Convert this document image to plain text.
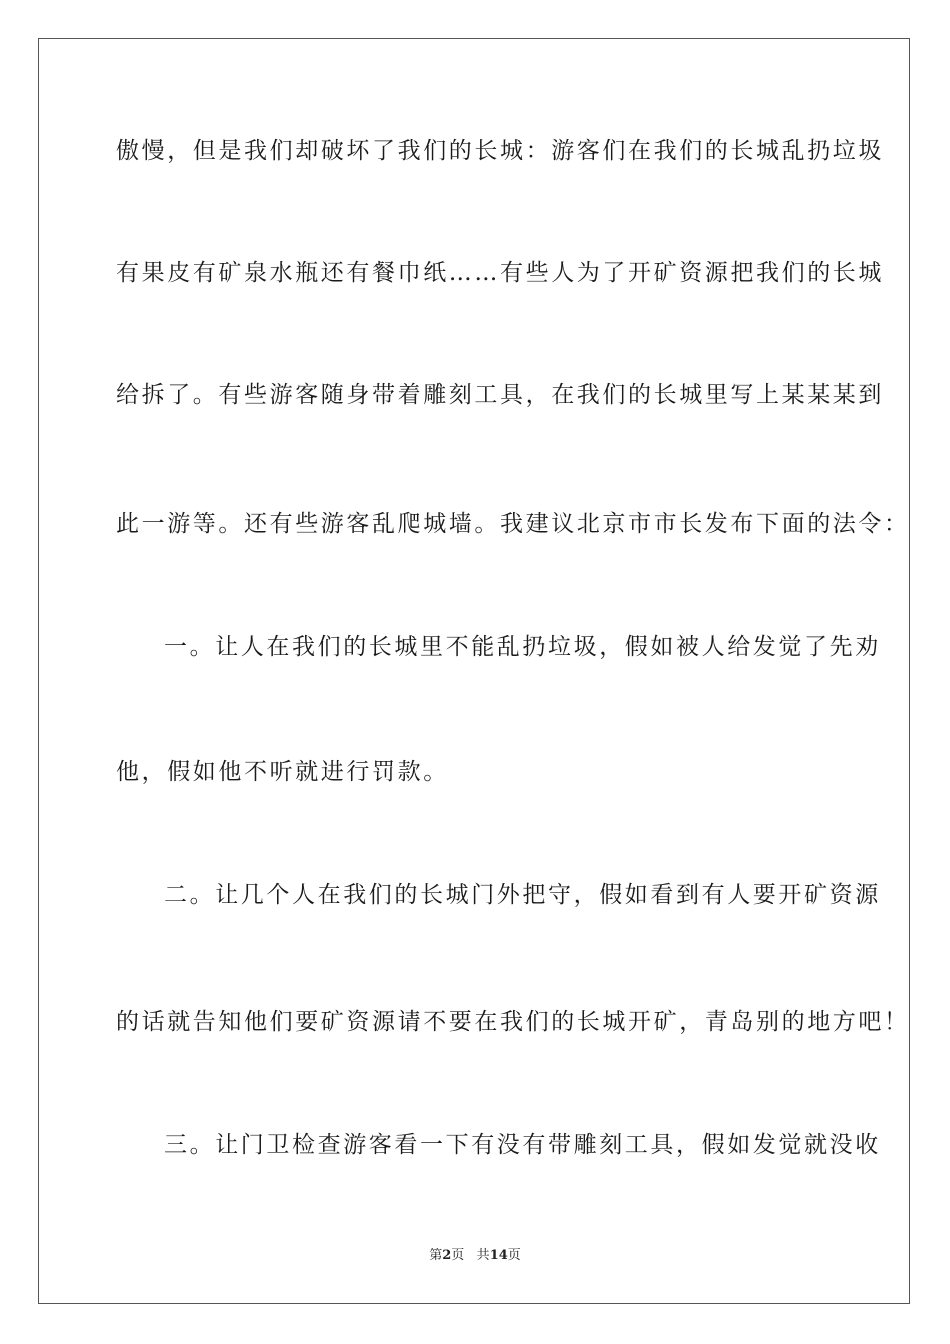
傲慢，但是我们却破坏了我们的长城：游客们在我们的长城乱扔垃圾
有果皮有矿泉水瓶还有餐巾纸……有些人为了开矿资源把我们的长城
给拆了。有些游客随身带着雕刻工具，在我们的长城里写上某某某到
此一游等。还有些游客乱爬城墙。我建议北京市市长发布下面的法令：
一。让人在我们的长城里不能乱扔垃圾，假如被人给发觉了先劝
他，假如他不听就进行罚款。
二。让几个人在我们的长城门外把守，假如看到有人要开矿资源
的话就告知他们要矿资源请不要在我们的长城开矿，青岛别的地方吧！
三。让门卫检查游客看一下有没有带雕刻工具，假如发觉就没收
第2页 共14页
